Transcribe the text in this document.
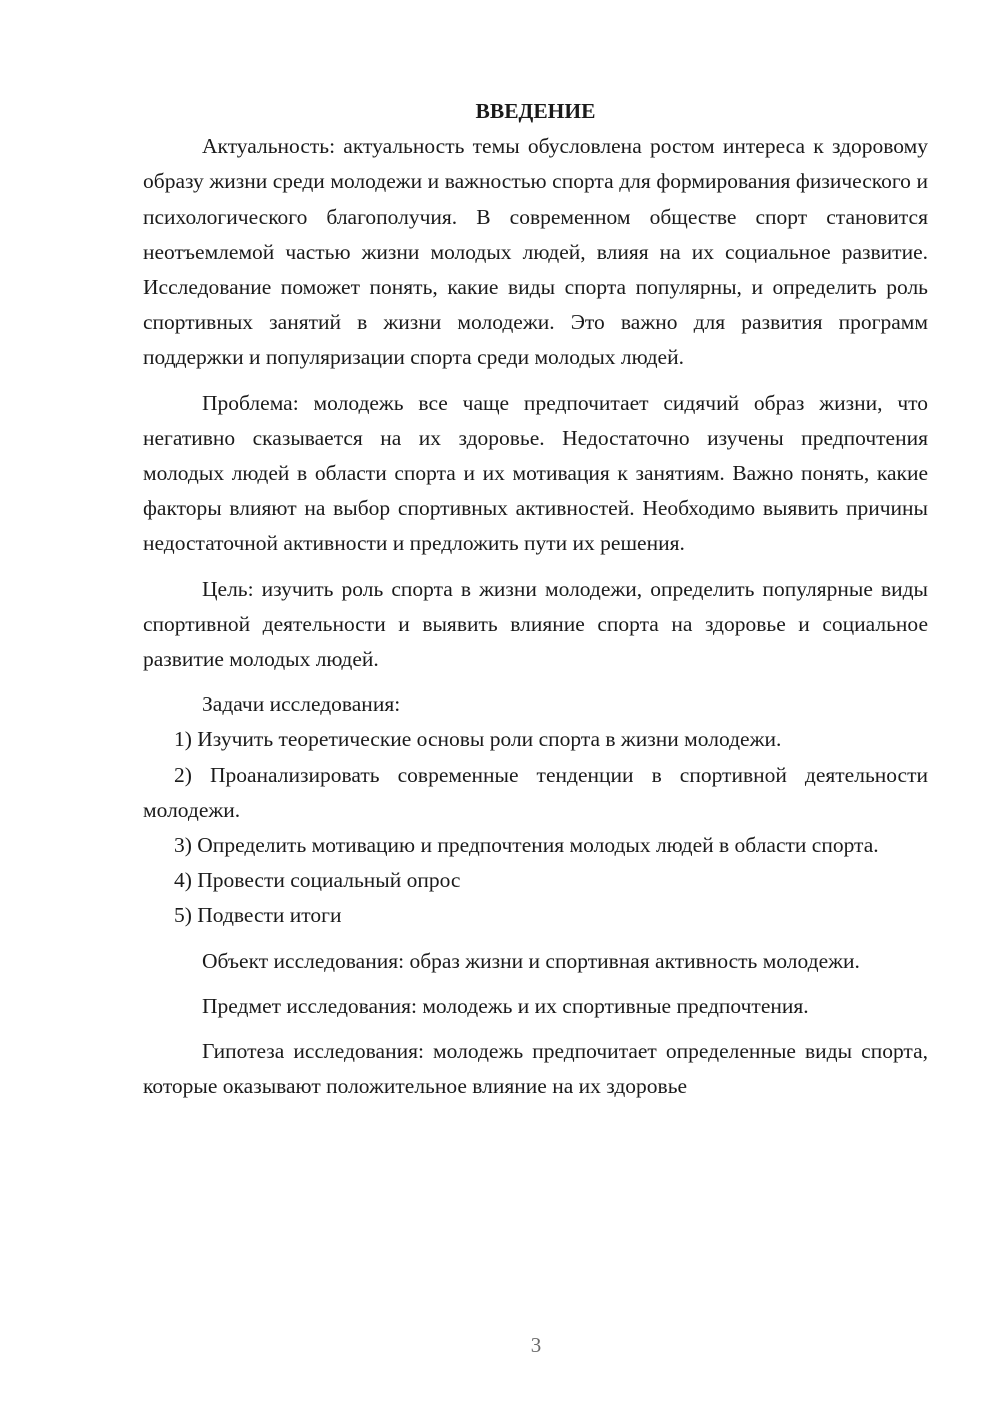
ВВЕДЕНИЕ

Актуальность: актуальность темы обусловлена ростом интереса к здоровому образу жизни среди молодежи и важностью спорта для формирования физического и психологического благополучия. В современном обществе спорт становится неотъемлемой частью жизни молодых людей, влияя на их социальное развитие. Исследование поможет понять, какие виды спорта популярны, и определить роль спортивных занятий в жизни молодежи. Это важно для развития программ поддержки и популяризации спорта среди молодых людей.

Проблема: молодежь все чаще предпочитает сидячий образ жизни, что негативно сказывается на их здоровье. Недостаточно изучены предпочтения молодых людей в области спорта и их мотивация к занятиям. Важно понять, какие факторы влияют на выбор спортивных активностей. Необходимо выявить причины недостаточной активности и предложить пути их решения.

Цель: изучить роль спорта в жизни молодежи, определить популярные виды спортивной деятельности и выявить влияние спорта на здоровье и социальное развитие молодых людей.

Задачи исследования:

1) Изучить теоретические основы роли спорта в жизни молодежи.

2) Проанализировать современные тенденции в спортивной деятельности молодежи.

3) Определить мотивацию и предпочтения молодых людей в области спорта.

4) Провести социальный опрос

5) Подвести итоги

Объект исследования: образ жизни и спортивная активность молодежи.

Предмет исследования: молодежь и их спортивные предпочтения.

Гипотеза исследования: молодежь предпочитает определенные виды спорта, которые оказывают положительное влияние на их здоровье

3
